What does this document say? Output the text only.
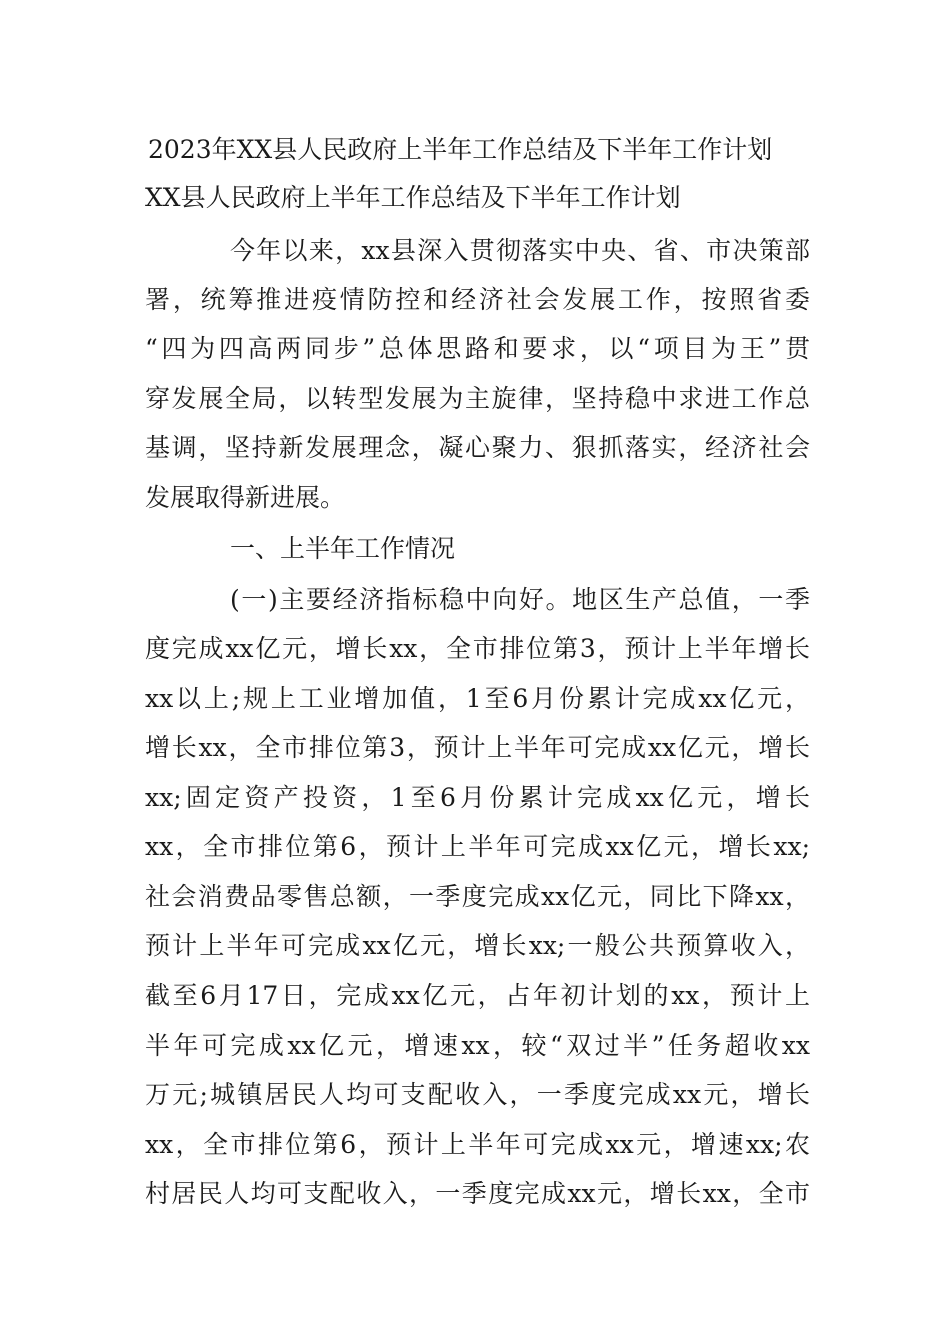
2023年XX县人民政府上半年工作总结及下半年工作计划
XX县人民政府上半年工作总结及下半年工作计划
今年以来，xx县深入贯彻落实中央、省、市决策部
署，统筹推进疫情防控和经济社会发展工作，按照省委
“四为四高两同步”总体思路和要求，以“项目为王”贯
穿发展全局，以转型发展为主旋律，坚持稳中求进工作总
基调，坚持新发展理念，凝心聚力、狠抓落实，经济社会
发展取得新进展。
一、上半年工作情况
(一)主要经济指标稳中向好。地区生产总值，一季
度完成xx亿元，增长xx，全市排位第3，预计上半年增长
xx以上;规上工业增加值，1至6月份累计完成xx亿元，
增长xx，全市排位第3，预计上半年可完成xx亿元，增长
xx;固定资产投资，1至6月份累计完成xx亿元，增长
xx，全市排位第6，预计上半年可完成xx亿元，增长xx;
社会消费品零售总额，一季度完成xx亿元，同比下降xx，
预计上半年可完成xx亿元，增长xx;一般公共预算收入，
截至6月17日，完成xx亿元，占年初计划的xx，预计上
半年可完成xx亿元，增速xx，较“双过半”任务超收xx
万元;城镇居民人均可支配收入，一季度完成xx元，增长
xx，全市排位第6，预计上半年可完成xx元，增速xx;农
村居民人均可支配收入，一季度完成xx元，增长xx，全市
